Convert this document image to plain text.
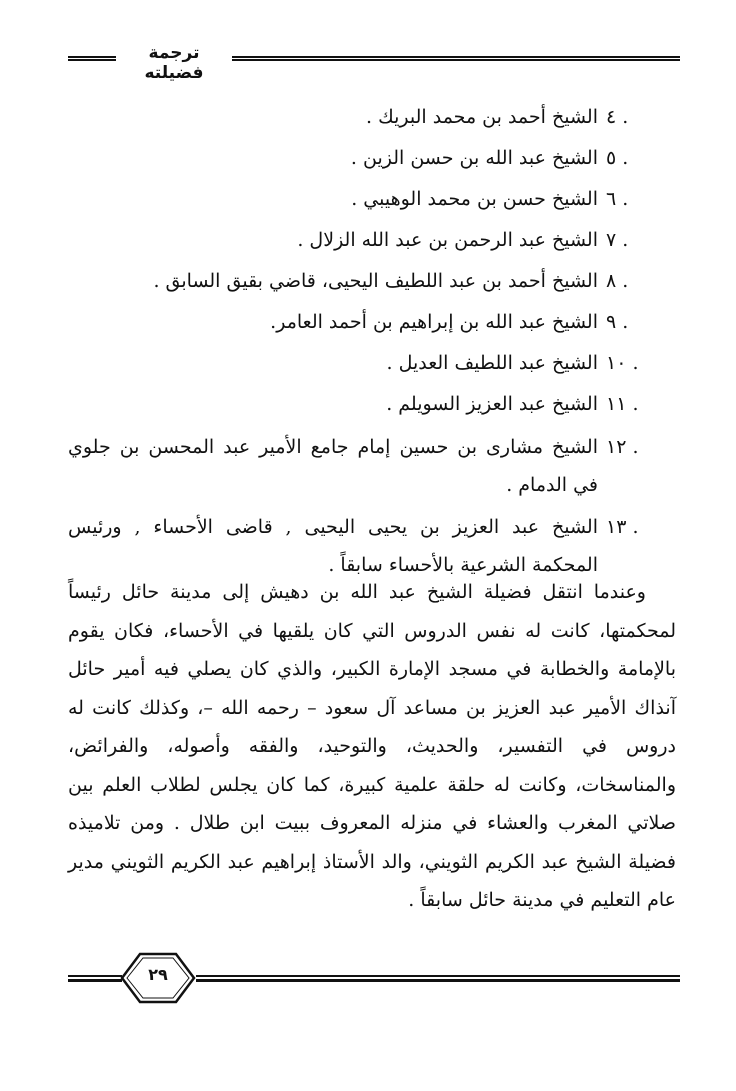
ترجمة فضيلته
٤ .
الشيخ أحمد بن محمد البريك .
٥ .
الشيخ عبد الله بن حسن الزين .
٦ .
الشيخ حسن بن محمد الوهيبي .
٧ .
الشيخ عبد الرحمن بن عبد الله الزلال .
٨ .
الشيخ أحمد بن عبد اللطيف اليحيى، قاضي بقيق السابق .
٩ .
الشيخ عبد الله بن إبراهيم بن أحمد العامر.
١٠ .
الشيخ عبد اللطيف العديل .
١١ .
الشيخ عبد العزيز السويلم .
١٢ .
الشيخ مشارى بن حسين إمام جامع الأمير عبد المحسن بن جلوي في الدمام .
١٣ .
الشيخ عبد العزيز بن يحيى اليحيى , قاضى الأحساء , ورئيس المحكمة الشرعية بالأحساء سابقاً .

وعندما انتقل فضيلة الشيخ عبد الله بن دهيش إلى مدينة حائل رئيساً لمحكمتها، كانت له نفس الدروس التي كان يلقيها في الأحساء، فكان يقوم بالإمامة والخطابة في مسجد الإمارة الكبير، والذي كان يصلي فيه أمير حائل آنذاك الأمير عبد العزيز بن مساعد آل سعود – رحمه الله –، وكذلك كانت له دروس في التفسير، والحديث، والتوحيد، والفقه وأصوله، والفرائض، والمناسخات، وكانت له حلقة علمية كبيرة، كما كان يجلس لطلاب العلم بين صلاتي المغرب والعشاء في منزله المعروف ببيت ابن طلال . ومن تلاميذه فضيلة الشيخ عبد الكريم الثويني، والد الأستاذ إبراهيم عبد الكريم الثويني مدير عام التعليم في مدينة حائل سابقاً .

٢٩
